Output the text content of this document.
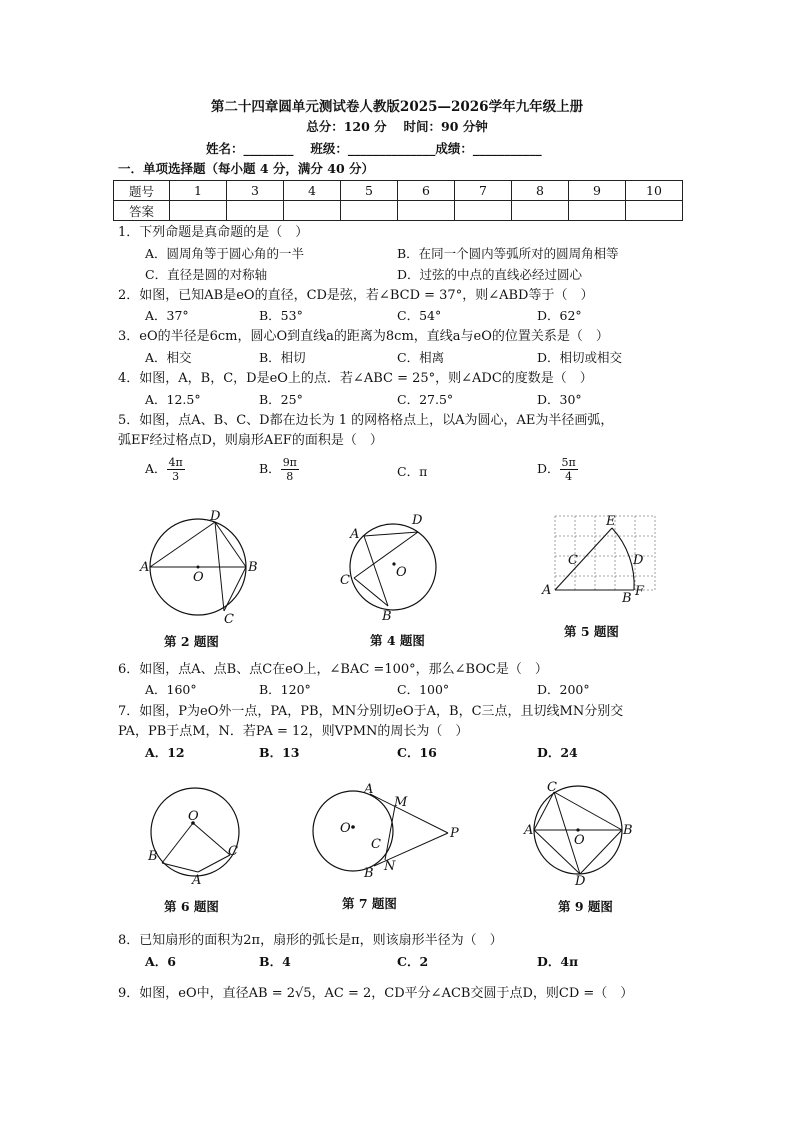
第二十四章圆单元测试卷人教版2025—2026学年九年级上册
总分：120 分　 时间：90 分钟
姓名：________　 班级：______________成绩：___________
一．单项选择题（每小题 4 分，满分 40 分）
题号	1	3	4	5	6	7	8	9	10
答案									
1．下列命题是真命题的是（　）
A．圆周角等于圆心角的一半	B．在同一个圆内等弧所对的圆周角相等
C．直径是圆的对称轴	D．过弦的中点的直线必经过圆心
2．如图，已知AB是eO的直径，CD是弦，若∠BCD = 37°，则∠ABD等于（　）
A．37°	B．53°	C．54°	D．62°
3．eO的半径是6cm，圆心O到直线a的距离为8cm，直线a与eO的位置关系是（　）
A．相交	B．相切	C．相离	D．相切或相交
4．如图，A，B，C，D是eO上的点．若∠ABC = 25°，则∠ADC的度数是（　）
A．12.5°	B．25°	C．27.5°	D．30°
5．如图，点A、B、C、D都在边长为 1 的网格格点上，以A为圆心，AE为半径画弧，
弧EF经过格点D，则扇形AEF的面积是（　）
A． $\frac{4\pi}{3}$	B． $\frac{9\pi}{8}$	C．π	D． $\frac{5\pi}{4}$
A	B
D
C
O
第 2 题图
A
D
C
B
O
第 4 题图
A
C
E
D
B F
第 5 题图
6．如图，点A、点B、点C在eO上，∠BAC =100°，那么∠BOC是（　）
A．160°	B．120°	C．100°	D．200°
7．如图，P为eO外一点，PA，PB，MN分别切eO于A，B，C三点，且切线MN分别交
PA，PB于点M，N．若PA = 12，则VPMN的周长为（　）
A．12	B．13	C．16	D．24
O
B	C
A
第 6 题图
A
M
P
O
C
N
B
第 7 题图
C
A	B
O
D
第 9 题图
8．已知扇形的面积为2π，扇形的弧长是π，则该扇形半径为（　）
A．6	B．4	C．2	D．4π
9．如图，eO中，直径AB = 2√5，AC = 2，CD平分∠ACB交圆于点D，则CD =（　）
